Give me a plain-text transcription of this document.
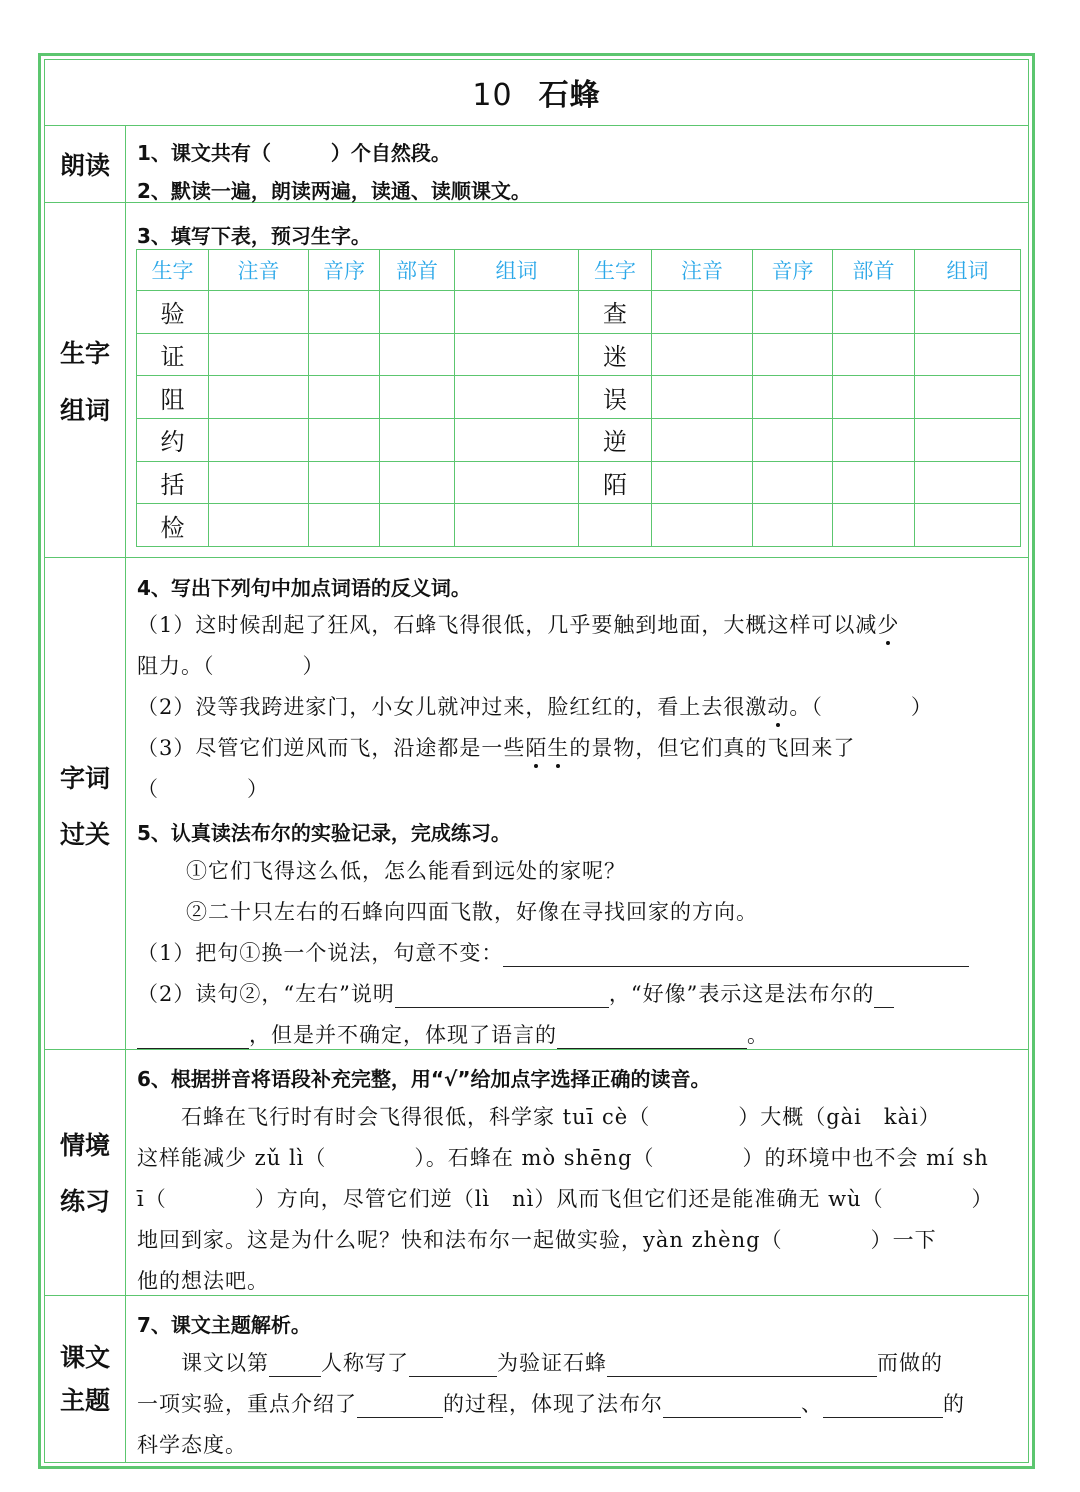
10 石蜂
朗读	1、课文共有（　　　）个自然段。
2、默读一遍，朗读两遍，读通、读顺课文。
生字
组词
3、填写下表，预习生字。
生字	注音	音序	部首	组词	生字	注音	音序	部首	组词
验					查				
证					迷				
阻					误				
约					逆				
括					陌				
检									
字词
过关
4、写出下列句中加点词语的反义词。
（1）这时候刮起了狂风，石蜂飞得很低，几乎要触到地面，大概这样可以减少
阻力。（　　　　）
（2）没等我跨进家门，小女儿就冲过来，脸红红的，看上去很激动。（　　　　）
（3）尽管它们逆风而飞，沿途都是一些陌生的景物，但它们真的飞回来了
（　　　　）
5、认真读法布尔的实验记录，完成练习。
①它们飞得这么低，怎么能看到远处的家呢？
②二十只左右的石蜂向四面飞散，好像在寻找回家的方向。
（1）把句①换一个说法，句意不变：
（2）读句②，“左右”说明	，“好像”表示这是法布尔的
，但是并不确定，体现了语言的	。
情境
练习
6、根据拼音将语段补充完整，用“√”给加点字选择正确的读音。
　　石蜂在飞行时有时会飞得很低，科学家 tuī cè（　　　　）大概（gài　kài）
这样能减少 zǔ lì（　　　　）。石蜂在 mò shēng（　　　　）的环境中也不会 mí sh
ī（　　　　）方向，尽管它们逆（lì　nì）风而飞但它们还是能准确无 wù（　　　　）
地回到家。这是为什么呢？快和法布尔一起做实验，yàn zhèng（　　　　）一下
他的想法吧。
课文
主题
7、课文主题解析。
　　课文以第 人称写了	为验证石蜂	而做的
一项实验，重点介绍了	的过程，体现了法布尔	、	的
科学态度。
